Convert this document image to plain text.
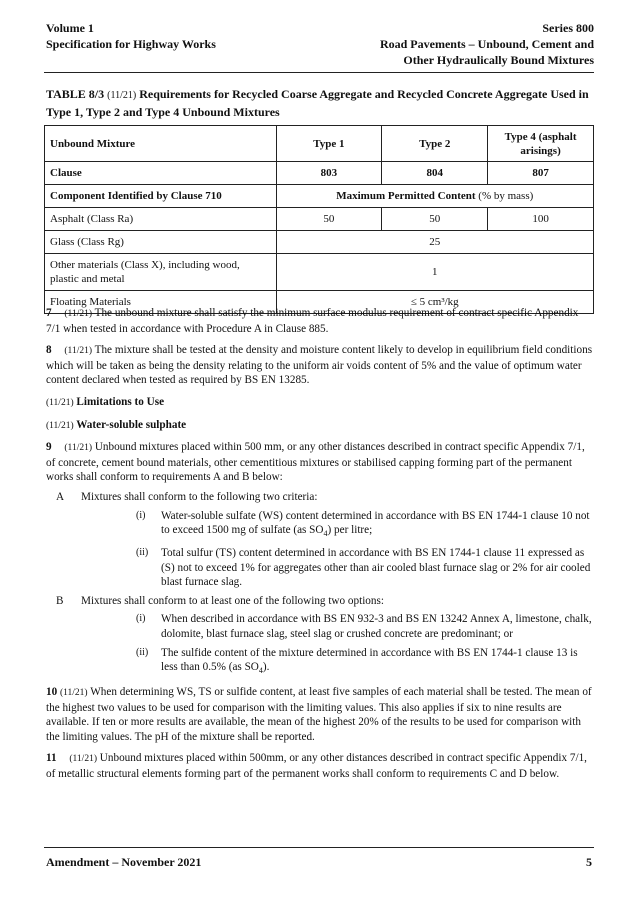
Volume 1
Specification for Highway Works
Series 800
Road Pavements – Unbound, Cement and
Other Hydraulically Bound Mixtures
TABLE 8/3 (11/21) Requirements for Recycled Coarse Aggregate and Recycled Concrete Aggregate Used in Type 1, Type 2 and Type 4 Unbound Mixtures
Unbound Mixture	Type 1	Type 2	Type 4 (asphalt arisings)
Clause	803	804	807
Component Identified by Clause 710	Maximum Permitted Content (% by mass)		
Asphalt (Class Ra)	50	50	100
Glass (Class Rg)	25		
Other materials (Class X), including wood, plastic and metal	1		
Floating Materials	≤ 5 cm³/kg		

7 (11/21) The unbound mixture shall satisfy the minimum surface modulus requirement of contract specific Appendix 7/1 when tested in accordance with Procedure A in Clause 885.

8 (11/21) The mixture shall be tested at the density and moisture content likely to develop in equilibrium field conditions which will be taken as being the density relating to the uniform air voids content of 5% and the value of optimum water content declared when tested as required by BS EN 13285.

(11/21) Limitations to Use
(11/21) Water-soluble sulphate

9 (11/21) Unbound mixtures placed within 500 mm, or any other distances described in contract specific Appendix 7/1, of concrete, cement bound materials, other cementitious mixtures or stabilised capping forming part of the permanent works shall conform to requirements A and B below:

A	Mixtures shall conform to the following two criteria:
(i)	Water-soluble sulfate (WS) content determined in accordance with BS EN 1744-1 clause 10 not to exceed 1500 mg of sulfate (as $SO_4$) per litre;
(ii)	Total sulfur (TS) content determined in accordance with BS EN 1744-1 clause 11 expressed as (S) not to exceed 1% for aggregates other than air cooled blast furnace slag or 2% for air cooled blast furnace slag.
B	Mixtures shall conform to at least one of the following two options:
(i)	When described in accordance with BS EN 932-3 and BS EN 13242 Annex A, limestone, chalk, dolomite, blast furnace slag, steel slag or crushed concrete are predominant; or
(ii)	The sulfide content of the mixture determined in accordance with BS EN 1744-1 clause 13 is less than 0.5% (as $SO_4$).

10 (11/21) When determining WS, TS or sulfide content, at least five samples of each material shall be tested. The mean of the highest two values to be used for comparison with the limiting values. This also applies if six to nine results are available. If ten or more results are available, the mean of the highest 20% of the results to be used for comparison with the limiting values. The pH of the mixture shall be reported.

11 (11/21) Unbound mixtures placed within 500mm, or any other distances described in contract specific Appendix 7/1, of metallic structural elements forming part of the permanent works shall conform to requirements C and D below.

Amendment – November 2021	5
